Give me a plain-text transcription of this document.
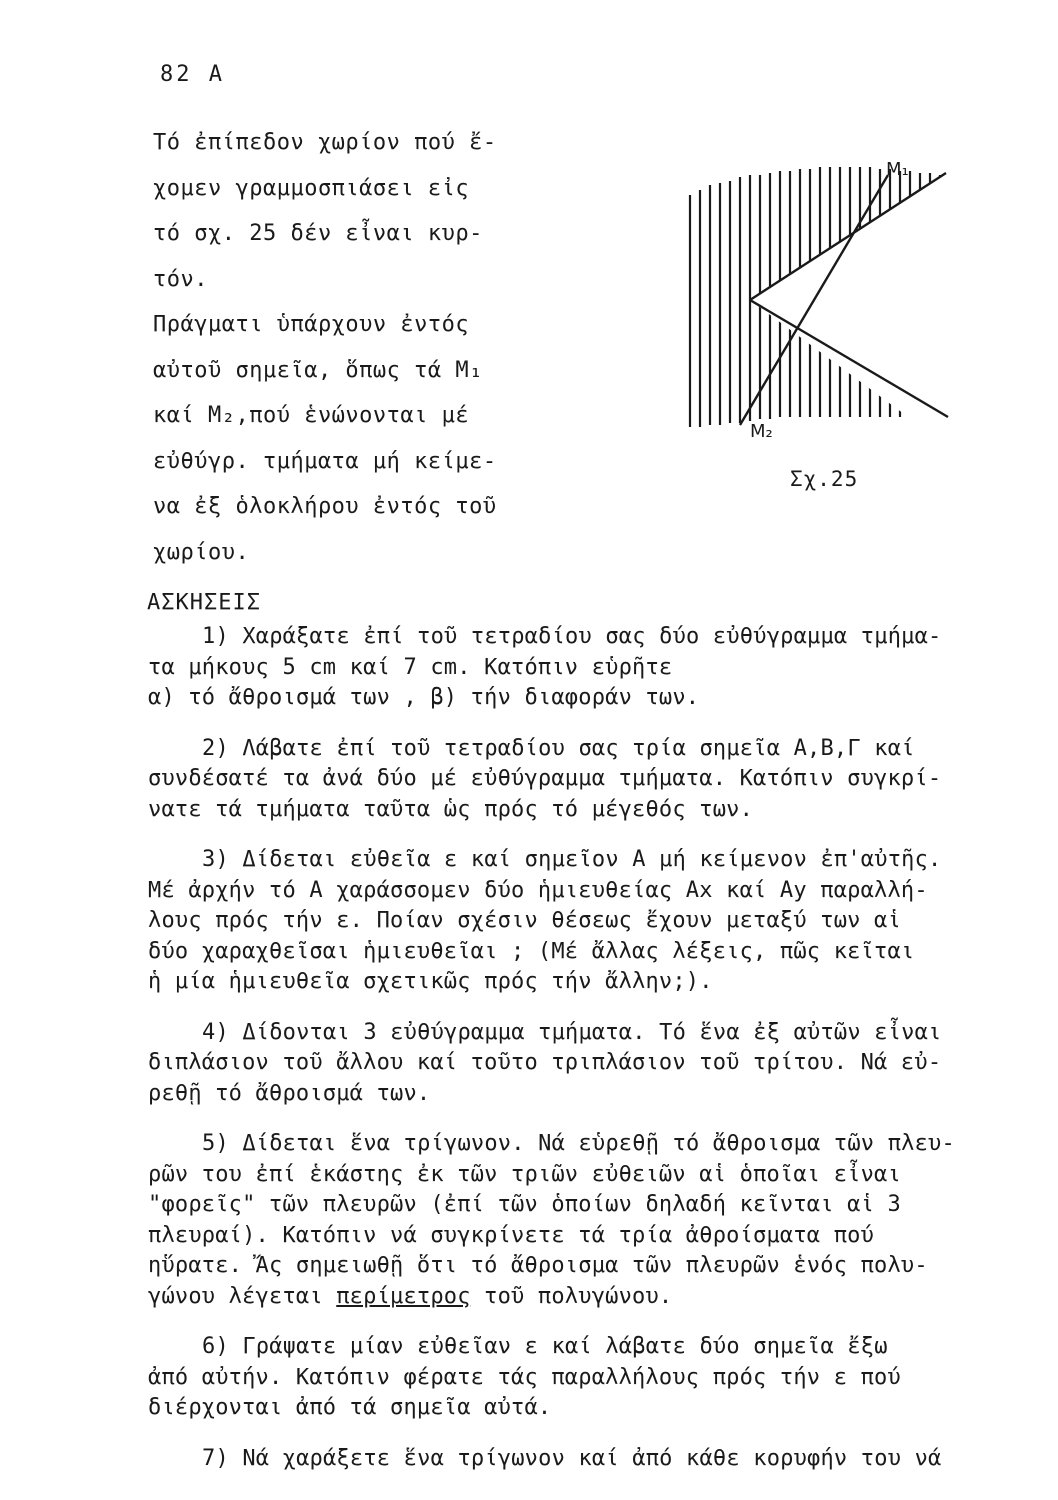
82 A
Τό ἐπίπεδον χωρίον πού ἔ-
χομεν γραμμοσπιάσει εἰς
τό σχ. 25 δέν εἶναι κυρ-
τόν.
Πράγματι ὑπάρχουν ἐντός
αὐτοῦ σημεῖα, ὅπως τά M₁
καί M₂,πού ἑνώνονται μέ
εὐθύγρ. τμήματα μή κείμε-
να ἐξ ὁλοκλήρου ἐντός τοῦ
χωρίου.
M₁
M₂
Σχ.25
ΑΣΚΗΣΕΙΣ
1) Χαράξατε ἐπί τοῦ τετραδίου σας δύο εὐθύγραμμα τμήμα-
τα μήκους 5 cm καί 7 cm. Κατόπιν εὑρῆτε
α) τό ἄθροισμά των , β) τήν διαφοράν των.
2) Λάβατε ἐπί τοῦ τετραδίου σας τρία σημεῖα A,B,Γ καί
συνδέσατέ τα ἀνά δύο μέ εὐθύγραμμα τμήματα. Κατόπιν συγκρί-
νατε τά τμήματα ταῦτα ὡς πρός τό μέγεθός των.
3) Δίδεται εὐθεῖα ε καί σημεῖον A μή κείμενον ἐπ'αὐτῆς.
Μέ ἀρχήν τό A χαράσσομεν δύο ἡμιευθείας Ax καί Ay παραλλή-
λους πρός τήν ε. Ποίαν σχέσιν θέσεως ἔχουν μεταξύ των αἱ
δύο χαραχθεῖσαι ἡμιευθεῖαι ; (Μέ ἄλλας λέξεις, πῶς κεῖται
ἡ μία ἡμιευθεῖα σχετικῶς πρός τήν ἄλλην;).
4) Δίδονται 3 εὐθύγραμμα τμήματα. Τό ἕνα ἐξ αὐτῶν εἶναι
διπλάσιον τοῦ ἄλλου καί τοῦτο τριπλάσιον τοῦ τρίτου. Νά εὐ-
ρεθῇ τό ἄθροισμά των.
5) Δίδεται ἕνα τρίγωνον. Νά εὑρεθῇ τό ἄθροισμα τῶν πλευ-
ρῶν του ἐπί ἑκάστης ἐκ τῶν τριῶν εὐθειῶν αἱ ὁποῖαι εἶναι
"φορεῖς" τῶν πλευρῶν (ἐπί τῶν ὁποίων δηλαδή κεῖνται αἱ 3
πλευραί). Κατόπιν νά συγκρίνετε τά τρία ἀθροίσματα πού
ηὕρατε. Ἄς σημειωθῇ ὅτι τό ἄθροισμα τῶν πλευρῶν ἑνός πολυ-
γώνου λέγεται περίμετρος τοῦ πολυγώνου.
6) Γράψατε μίαν εὐθεῖαν ε καί λάβατε δύο σημεῖα ἔξω
ἀπό αὐτήν. Κατόπιν φέρατε τάς παραλλήλους πρός τήν ε πού
διέρχονται ἀπό τά σημεῖα αὐτά.
7) Νά χαράξετε ἕνα τρίγωνον καί ἀπό κάθε κορυφήν του νά
